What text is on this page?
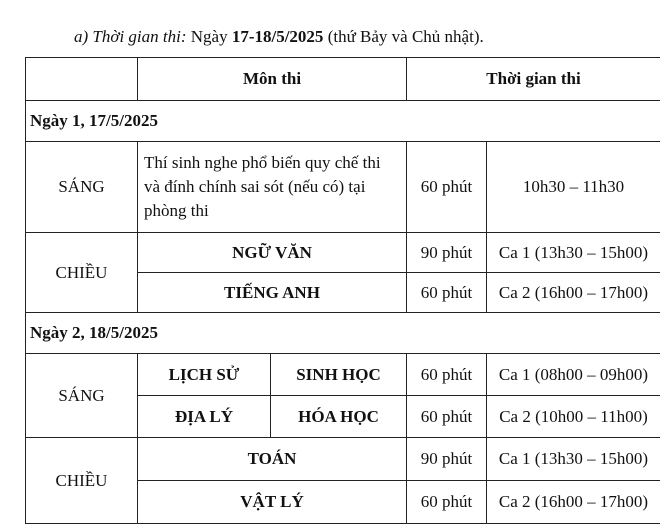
a) Thời gian thi: Ngày 17-18/5/2025 (thứ Bảy và Chủ nhật).
	Môn thi		Thời gian thi	
Ngày 1, 17/5/2025				
SÁNG	Thí sinh nghe phổ biến quy chế thi
và đính chính sai sót (nếu có) tại
phòng thi		60 phút	10h30 – 11h30
CHIỀU	NGỮ VĂN		90 phút	Ca 1 (13h30 – 15h00)
	TIẾNG ANH		60 phút	Ca 2 (16h00 – 17h00)
Ngày 2, 18/5/2025				
SÁNG	LỊCH SỬ	SINH HỌC	60 phút	Ca 1 (08h00 – 09h00)
	ĐỊA LÝ	HÓA HỌC	60 phút	Ca 2 (10h00 – 11h00)
CHIỀU	TOÁN		90 phút	Ca 1 (13h30 – 15h00)
	VẬT LÝ		60 phút	Ca 2 (16h00 – 17h00)
